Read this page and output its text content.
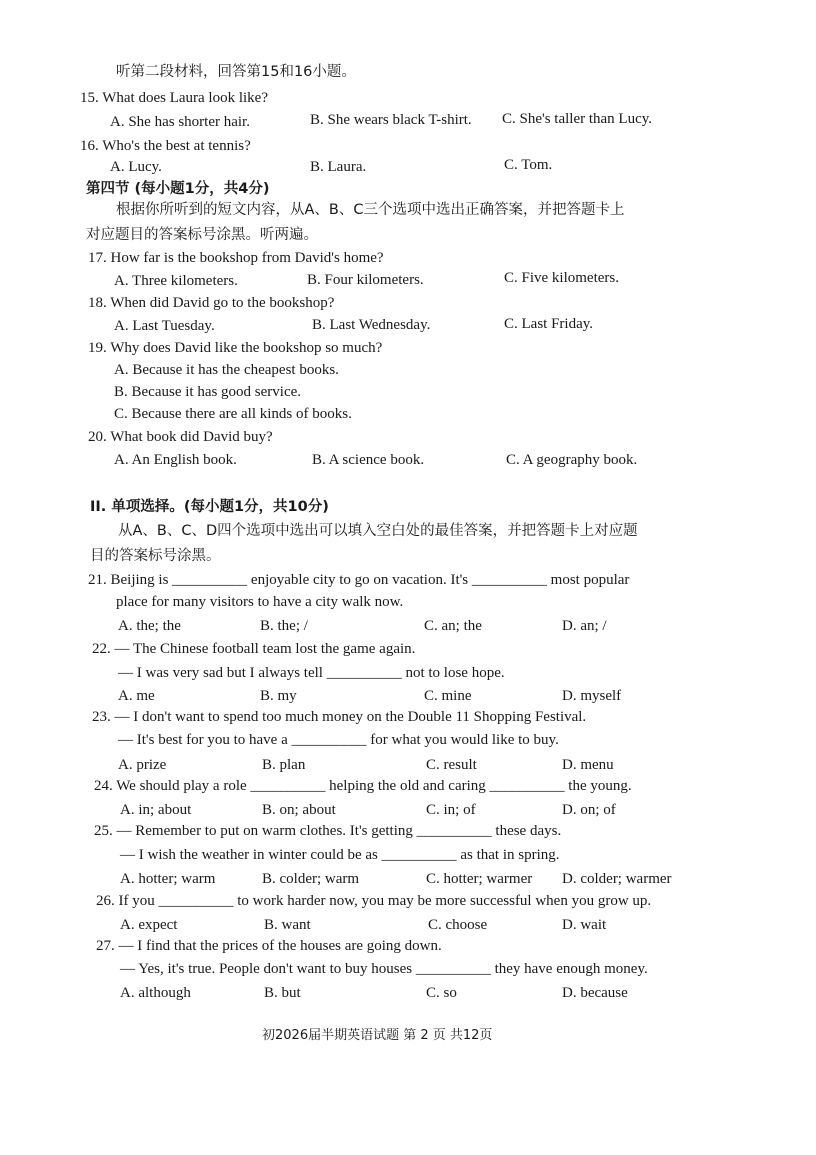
听第二段材料，回答第15和16小题。
15. What does Laura look like?
A. She has shorter hair.	B. She wears black T-shirt. C. She's taller than Lucy.
16. Who's the best at tennis?
A. Lucy.	B. Laura.	C. Tom.
第四节 (每小题1分，共4分)
根据你所听到的短文内容，从A、B、C三个选项中选出正确答案，并把答题卡上
对应题目的答案标号涂黑。听两遍。
17. How far is the bookshop from David's home?
A. Three kilometers.	B. Four kilometers.	C. Five kilometers.
18. When did David go to the bookshop?
A. Last Tuesday.	B. Last Wednesday.	C. Last Friday.
19. Why does David like the bookshop so much?
A. Because it has the cheapest books.
B. Because it has good service.
C. Because there are all kinds of books.
20. What book did David buy?
A. An English book.	B. A science book.	C. A geography book.
II. 单项选择。(每小题1分，共10分)
从A、B、C、D四个选项中选出可以填入空白处的最佳答案，并把答题卡上对应题
目的答案标号涂黑。
21. Beijing is __________ enjoyable city to go on vacation. It's __________ most popular
place for many visitors to have a city walk now.
A. the; the	B. the; /	C. an; the	D. an; /
22. — The Chinese football team lost the game again.
— I was very sad but I always tell __________ not to lose hope.
A. me	B. my	C. mine	D. myself
23. — I don't want to spend too much money on the Double 11 Shopping Festival.
— It's best for you to have a __________ for what you would like to buy.
A. prize	B. plan	C. result	D. menu
24. We should play a role __________ helping the old and caring __________ the young.
A. in; about	B. on; about	C. in; of	D. on; of
25. — Remember to put on warm clothes. It's getting __________ these days.
— I wish the weather in winter could be as __________ as that in spring.
A. hotter; warm	B. colder; warm	C. hotter; warmer D. colder; warmer
26. If you __________ to work harder now, you may be more successful when you grow up.
A. expect	B. want	C. choose	D. wait
27. — I find that the prices of the houses are going down.
— Yes, it's true. People don't want to buy houses __________ they have enough money.
A. although	B. but	C. so	D. because
初2026届半期英语试题 第 2 页 共12页
